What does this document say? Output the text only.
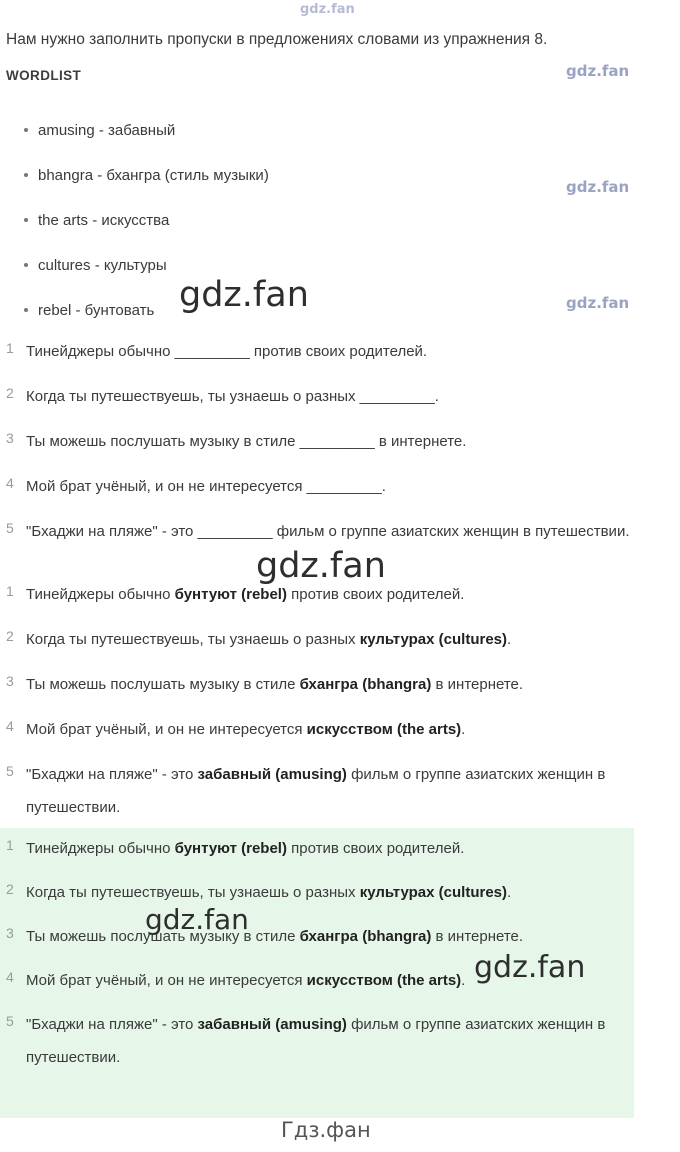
gdz.fan
gdz.fan
gdz.fan
gdz.fan
gdz.fan
gdz.fan
gdz.fan
gdz.fan
Гдз.фан
Нам нужно заполнить пропуски в предложениях словами из упражнения 8.
WORDLIST
amusing - забавный
bhangra - бхангра (стиль музыки)
the arts - искусства
cultures - культуры
rebel - бунтовать
1 Тинейджеры обычно _________ против своих родителей.
2 Когда ты путешествуешь, ты узнаешь о разных _________.
3 Ты можешь послушать музыку в стиле _________ в интернете.
4 Мой брат учёный, и он не интересуется _________.
5 "Бхаджи на пляже" - это _________ фильм о группе азиатских женщин в путешествии.
1 Тинейджеры обычно бунтуют (rebel) против своих родителей.
2 Когда ты путешествуешь, ты узнаешь о разных культурах (cultures).
3 Ты можешь послушать музыку в стиле бхангра (bhangra) в интернете.
4 Мой брат учёный, и он не интересуется искусством (the arts).
5 "Бхаджи на пляже" - это забавный (amusing) фильм о группе азиатских женщин в путешествии.
1 Тинейджеры обычно бунтуют (rebel) против своих родителей.
2 Когда ты путешествуешь, ты узнаешь о разных культурах (cultures).
3 Ты можешь послушать музыку в стиле бхангра (bhangra) в интернете.
4 Мой брат учёный, и он не интересуется искусством (the arts).
5 "Бхаджи на пляже" - это забавный (amusing) фильм о группе азиатских женщин в путешествии.
